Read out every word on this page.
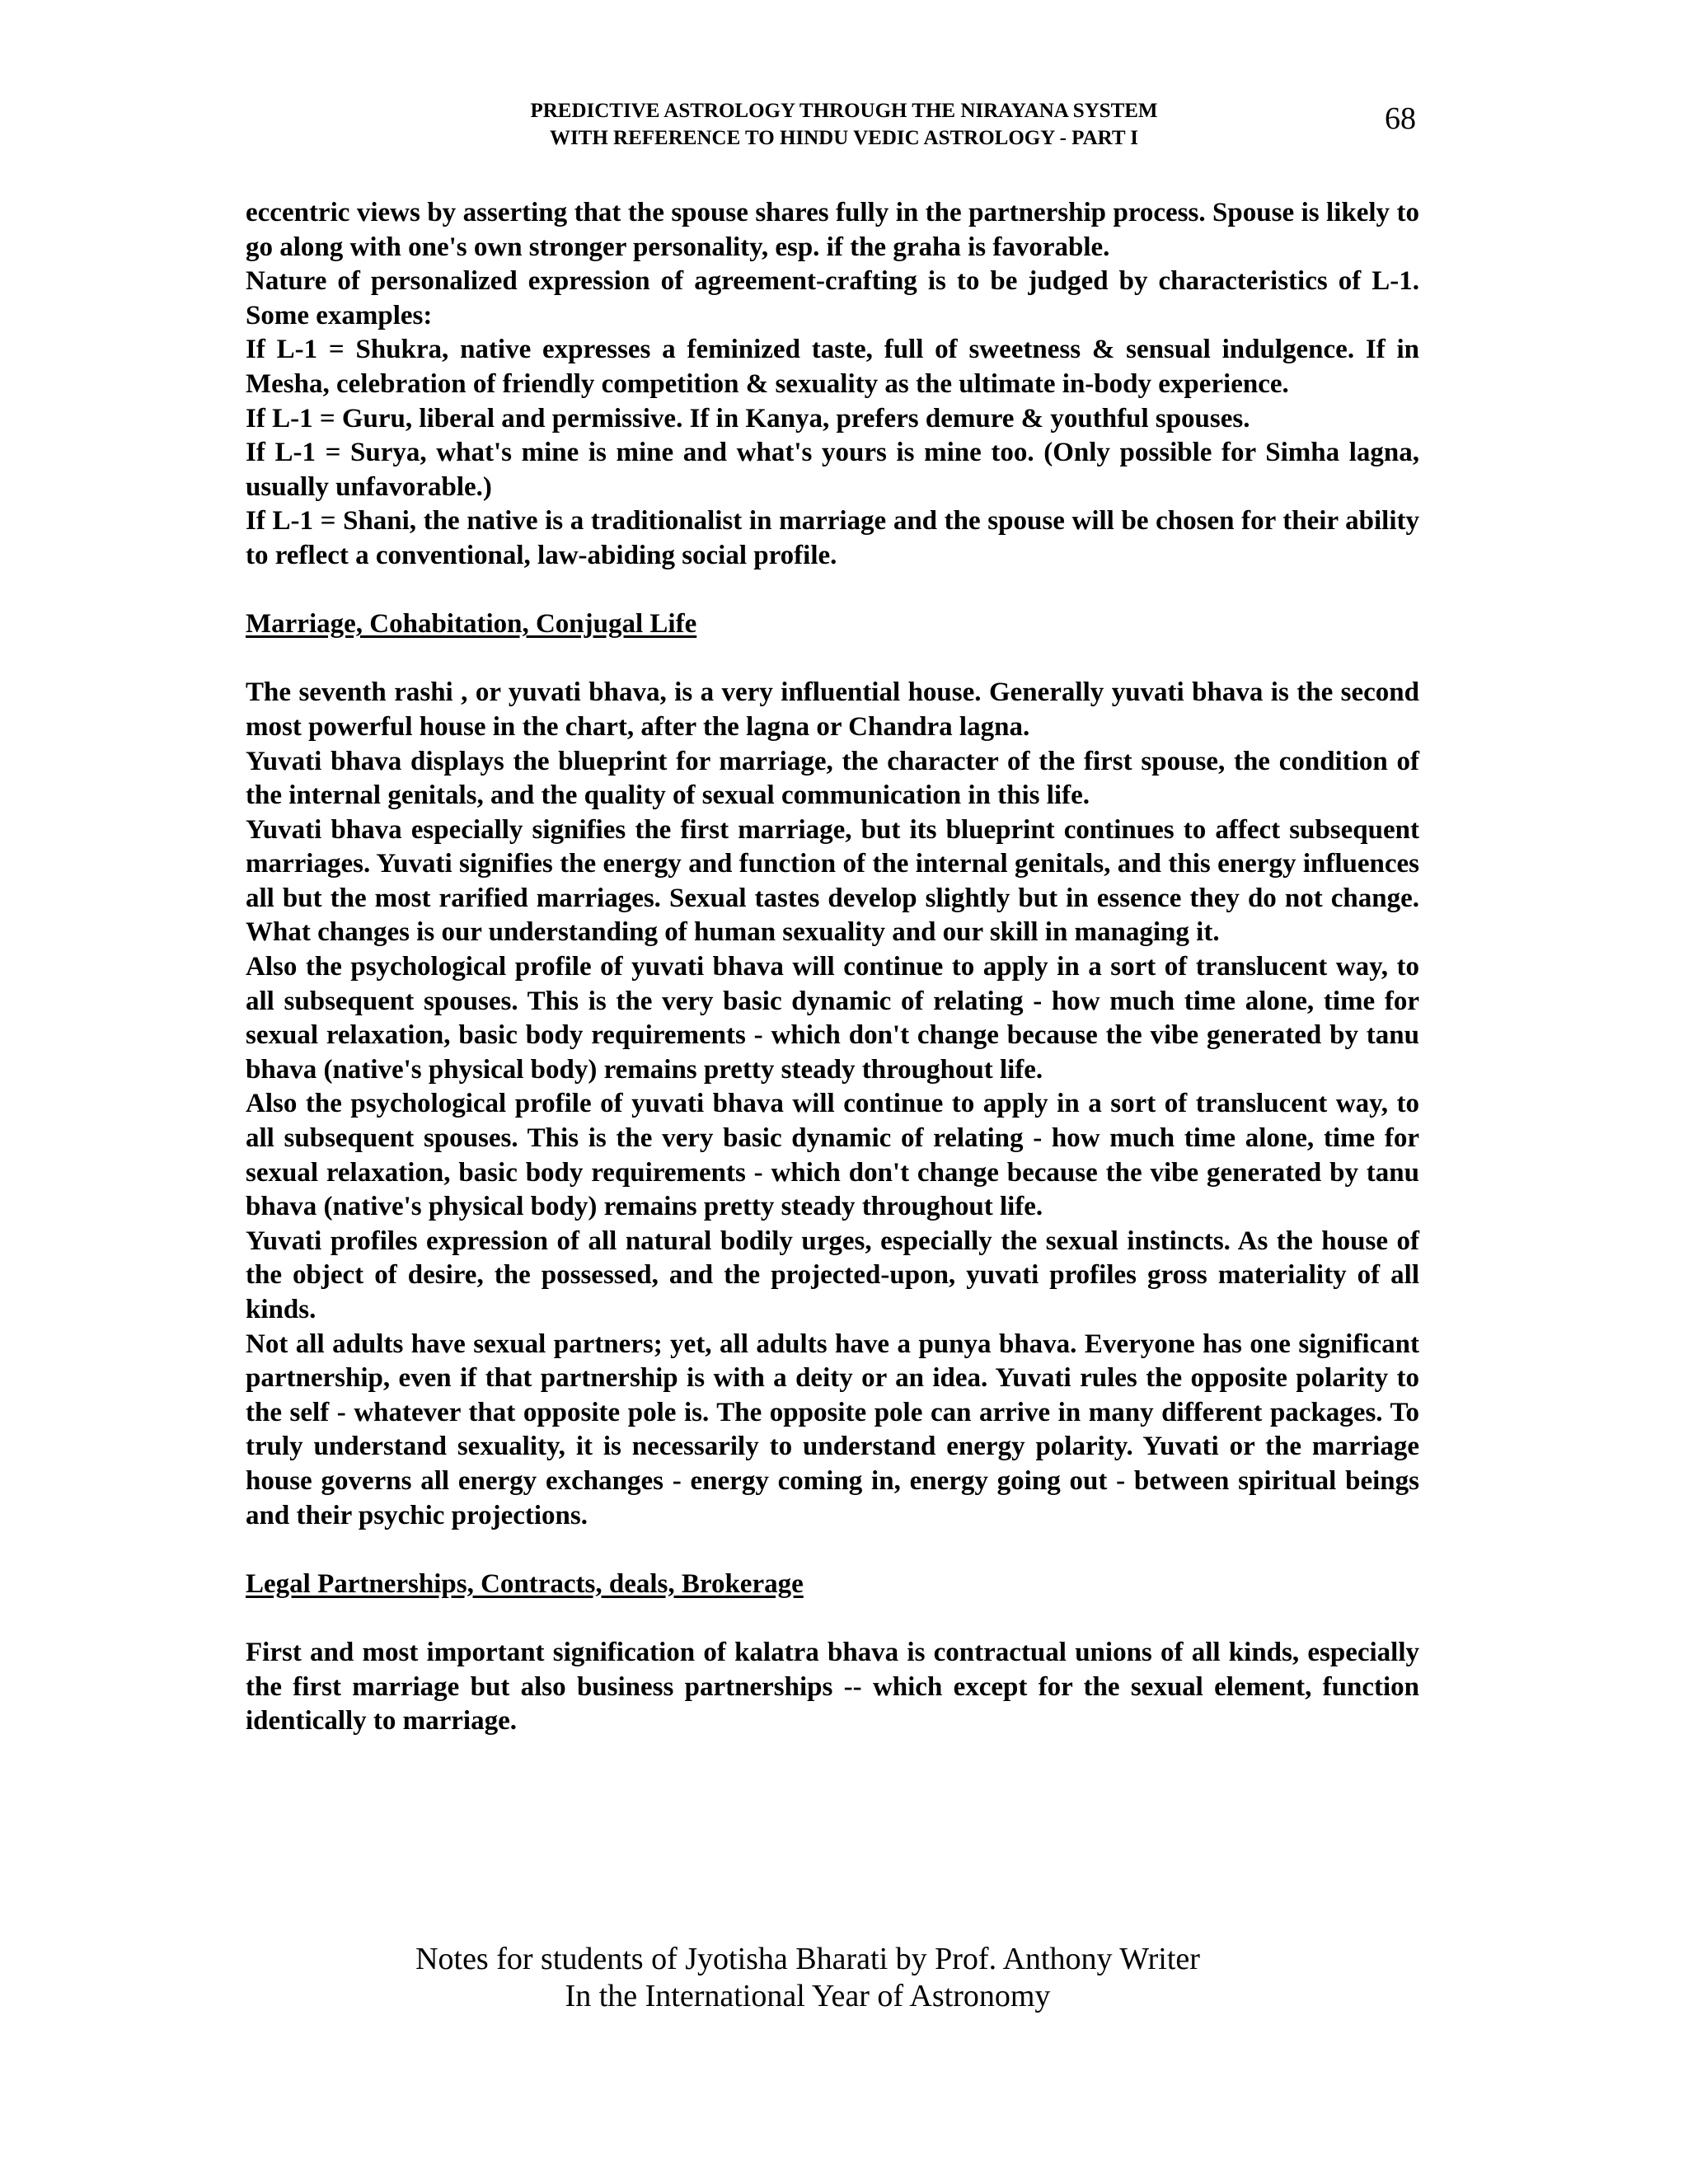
PREDICTIVE ASTROLOGY THROUGH THE NIRAYANA SYSTEM
WITH REFERENCE TO HINDU VEDIC ASTROLOGY - PART I
68

eccentric views by asserting that the spouse shares fully in the partnership process. Spouse is likely to go along with one's own stronger personality, esp. if the graha is favorable.

Nature of personalized expression of agreement-crafting is to be judged by characteristics of L-1. Some examples:

If L-1 = Shukra, native expresses a feminized taste, full of sweetness & sensual indulgence. If in Mesha, celebration of friendly competition & sexuality as the ultimate in-body experience.

If L-1 = Guru, liberal and permissive. If in Kanya, prefers demure & youthful spouses.

If L-1 = Surya, what's mine is mine and what's yours is mine too. (Only possible for Simha lagna, usually unfavorable.)

If L-1 = Shani, the native is a traditionalist in marriage and the spouse will be chosen for their ability to reflect a conventional, law-abiding social profile.

Marriage, Cohabitation, Conjugal Life

The seventh rashi , or yuvati bhava, is a very influential house. Generally yuvati bhava is the second most powerful house in the chart, after the lagna or Chandra lagna.

Yuvati bhava displays the blueprint for marriage, the character of the first spouse, the condition of the internal genitals, and the quality of sexual communication in this life.

Yuvati bhava especially signifies the first marriage, but its blueprint continues to affect subsequent marriages. Yuvati signifies the energy and function of the internal genitals, and this energy influences all but the most rarified marriages. Sexual tastes develop slightly but in essence they do not change. What changes is our understanding of human sexuality and our skill in managing it.

Also the psychological profile of yuvati bhava will continue to apply in a sort of translucent way, to all subsequent spouses. This is the very basic dynamic of relating - how much time alone, time for sexual relaxation, basic body requirements - which don't change because the vibe generated by tanu bhava (native's physical body) remains pretty steady throughout life.

Also the psychological profile of yuvati bhava will continue to apply in a sort of translucent way, to all subsequent spouses. This is the very basic dynamic of relating - how much time alone, time for sexual relaxation, basic body requirements - which don't change because the vibe generated by tanu bhava (native's physical body) remains pretty steady throughout life.

Yuvati profiles expression of all natural bodily urges, especially the sexual instincts. As the house of the object of desire, the possessed, and the projected-upon, yuvati profiles gross materiality of all kinds.

Not all adults have sexual partners; yet, all adults have a punya bhava. Everyone has one significant partnership, even if that partnership is with a deity or an idea. Yuvati rules the opposite polarity to the self - whatever that opposite pole is. The opposite pole can arrive in many different packages. To truly understand sexuality, it is necessarily to understand energy polarity. Yuvati or the marriage house governs all energy exchanges - energy coming in, energy going out - between spiritual beings and their psychic projections.

Legal Partnerships, Contracts, deals, Brokerage

First and most important signification of kalatra bhava is contractual unions of all kinds, especially the first marriage but also business partnerships -- which except for the sexual element, function identically to marriage.

Notes for students of Jyotisha Bharati by Prof. Anthony Writer
In the International Year of Astronomy
